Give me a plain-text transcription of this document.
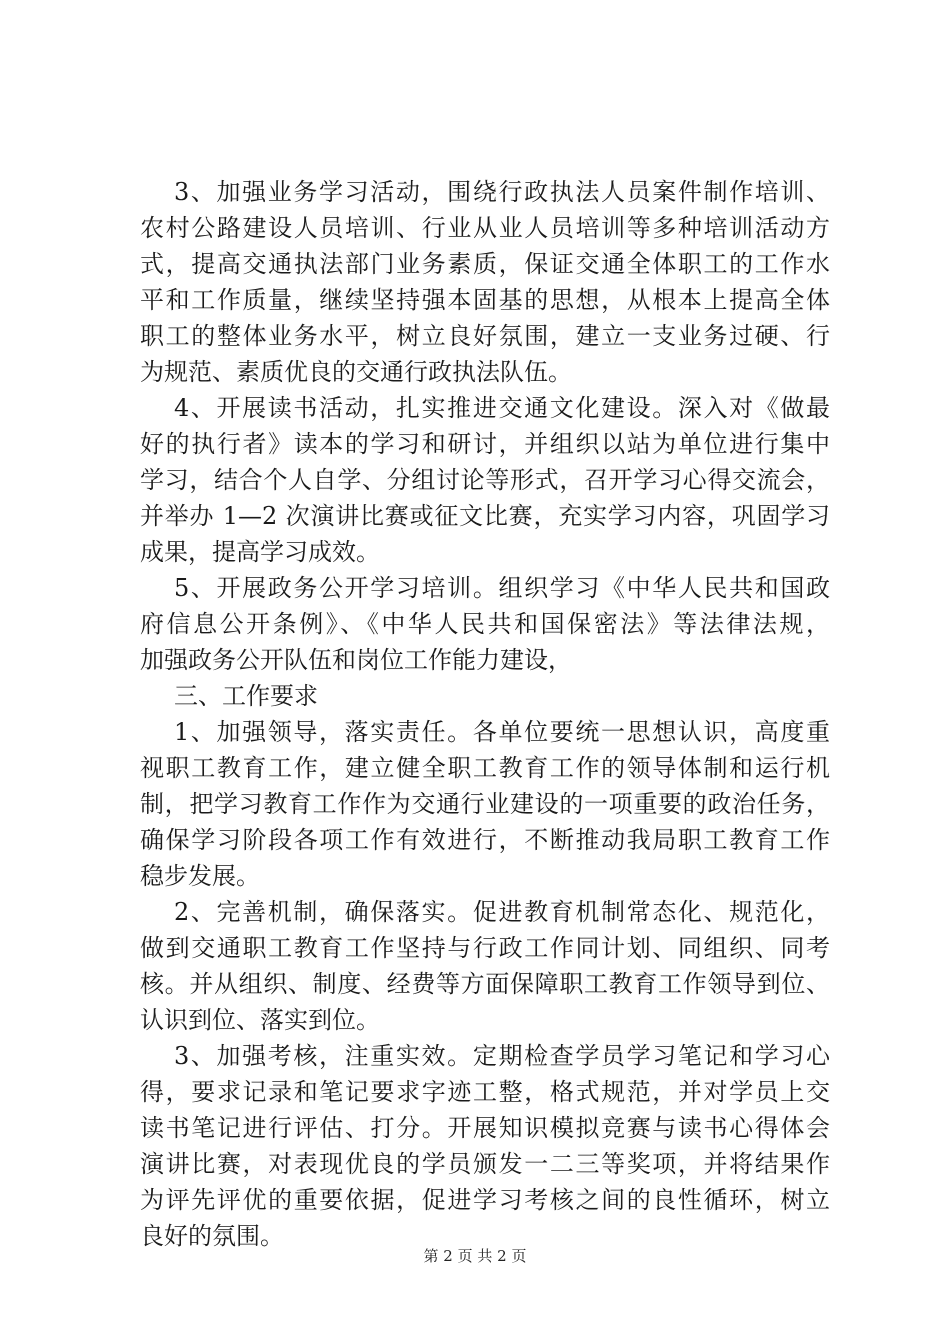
3、加强业务学习活动，围绕行政执法人员案件制作培训、
农村公路建设人员培训、行业从业人员培训等多种培训活动方
式，提高交通执法部门业务素质，保证交通全体职工的工作水
平和工作质量，继续坚持强本固基的思想，从根本上提高全体
职工的整体业务水平，树立良好氛围，建立一支业务过硬、行
为规范、素质优良的交通行政执法队伍。
4、开展读书活动，扎实推进交通文化建设。深入对《做最
好的执行者》读本的学习和研讨，并组织以站为单位进行集中
学习，结合个人自学、分组讨论等形式，召开学习心得交流会，
并举办 1—2 次演讲比赛或征文比赛，充实学习内容，巩固学习
成果，提高学习成效。
5、开展政务公开学习培训。组织学习《中华人民共和国政
府信息公开条例》、《中华人民共和国保密法》等法律法规，
加强政务公开队伍和岗位工作能力建设，
三、工作要求
1、加强领导，落实责任。各单位要统一思想认识，高度重
视职工教育工作，建立健全职工教育工作的领导体制和运行机
制，把学习教育工作作为交通行业建设的一项重要的政治任务，
确保学习阶段各项工作有效进行，不断推动我局职工教育工作
稳步发展。
2、完善机制，确保落实。促进教育机制常态化、规范化，
做到交通职工教育工作坚持与行政工作同计划、同组织、同考
核。并从组织、制度、经费等方面保障职工教育工作领导到位、
认识到位、落实到位。
3、加强考核，注重实效。定期检查学员学习笔记和学习心
得，要求记录和笔记要求字迹工整，格式规范，并对学员上交
读书笔记进行评估、打分。开展知识模拟竞赛与读书心得体会
演讲比赛，对表现优良的学员颁发一二三等奖项，并将结果作
为评先评优的重要依据，促进学习考核之间的良性循环，树立
良好的氛围。
第 2 页 共 2 页
